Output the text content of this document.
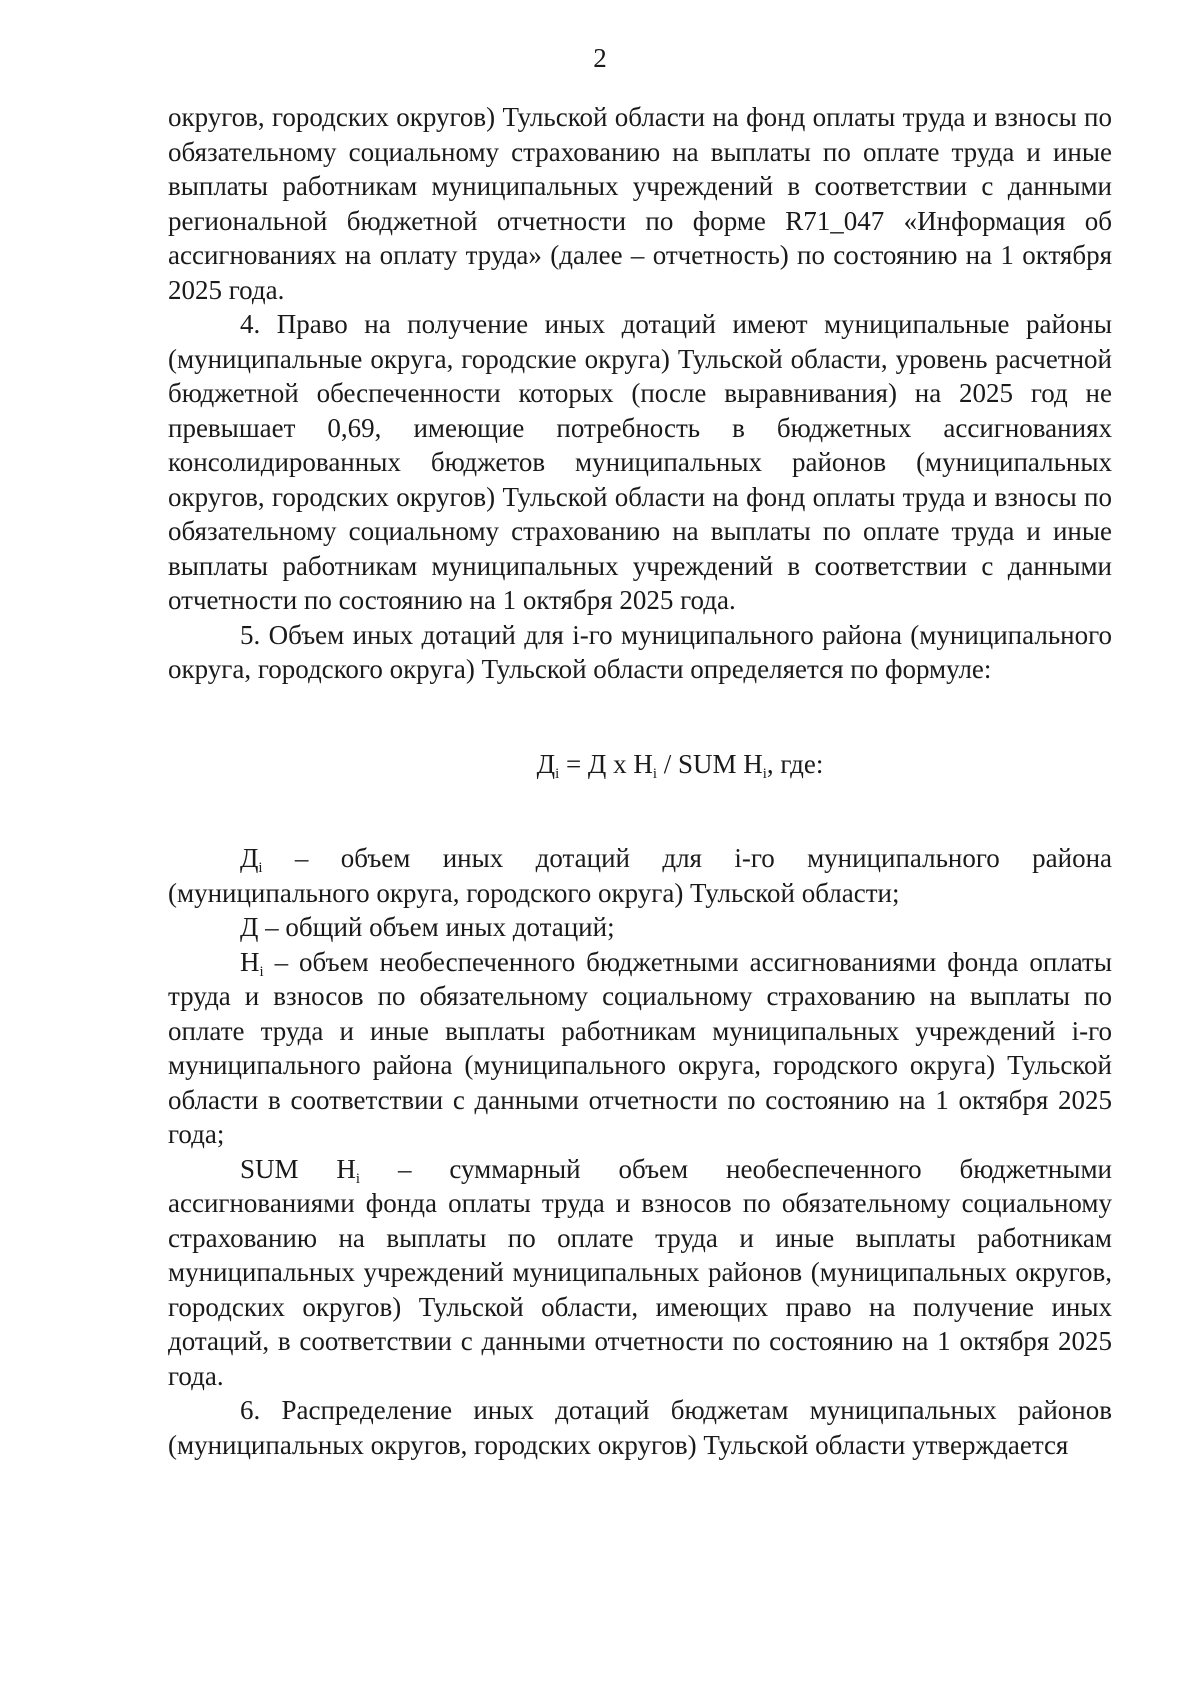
2

округов, городских округов) Тульской области на фонд оплаты труда и взносы по обязательному социальному страхованию на выплаты по оплате труда и иные выплаты работникам муниципальных учреждений в соответствии с данными региональной бюджетной отчетности по форме R71_047 «Информация об ассигнованиях на оплату труда» (далее – отчетность) по состоянию на 1 октября 2025 года.

4. Право на получение иных дотаций имеют муниципальные районы (муниципальные округа, городские округа) Тульской области, уровень расчетной бюджетной обеспеченности которых (после выравнивания) на 2025 год не превышает 0,69, имеющие потребность в бюджетных ассигнованиях консолидированных бюджетов муниципальных районов (муниципальных округов, городских округов) Тульской области на фонд оплаты труда и взносы по обязательному социальному страхованию на выплаты по оплате труда и иные выплаты работникам муниципальных учреждений в соответствии с данными отчетности по состоянию на 1 октября 2025 года.

5. Объем иных дотаций для i-го муниципального района (муниципального округа, городского округа) Тульской области определяется по формуле:

$Д_i = Д$ х $Н_i$ / SUM $Н_i$, где:

$Д_i$ – объем иных дотаций для i-го муниципального района (муниципального округа, городского округа) Тульской области;

Д – общий объем иных дотаций;

$Н_i$ – объем необеспеченного бюджетными ассигнованиями фонда оплаты труда и взносов по обязательному социальному страхованию на выплаты по оплате труда и иные выплаты работникам муниципальных учреждений i-го муниципального района (муниципального округа, городского округа) Тульской области в соответствии с данными отчетности по состоянию на 1 октября 2025 года;

SUM $Н_i$ – суммарный объем необеспеченного бюджетными ассигнованиями фонда оплаты труда и взносов по обязательному социальному страхованию на выплаты по оплате труда и иные выплаты работникам муниципальных учреждений муниципальных районов (муниципальных округов, городских округов) Тульской области, имеющих право на получение иных дотаций, в соответствии с данными отчетности по состоянию на 1 октября 2025 года.

6. Распределение иных дотаций бюджетам муниципальных районов (муниципальных округов, городских округов) Тульской области утверждается
